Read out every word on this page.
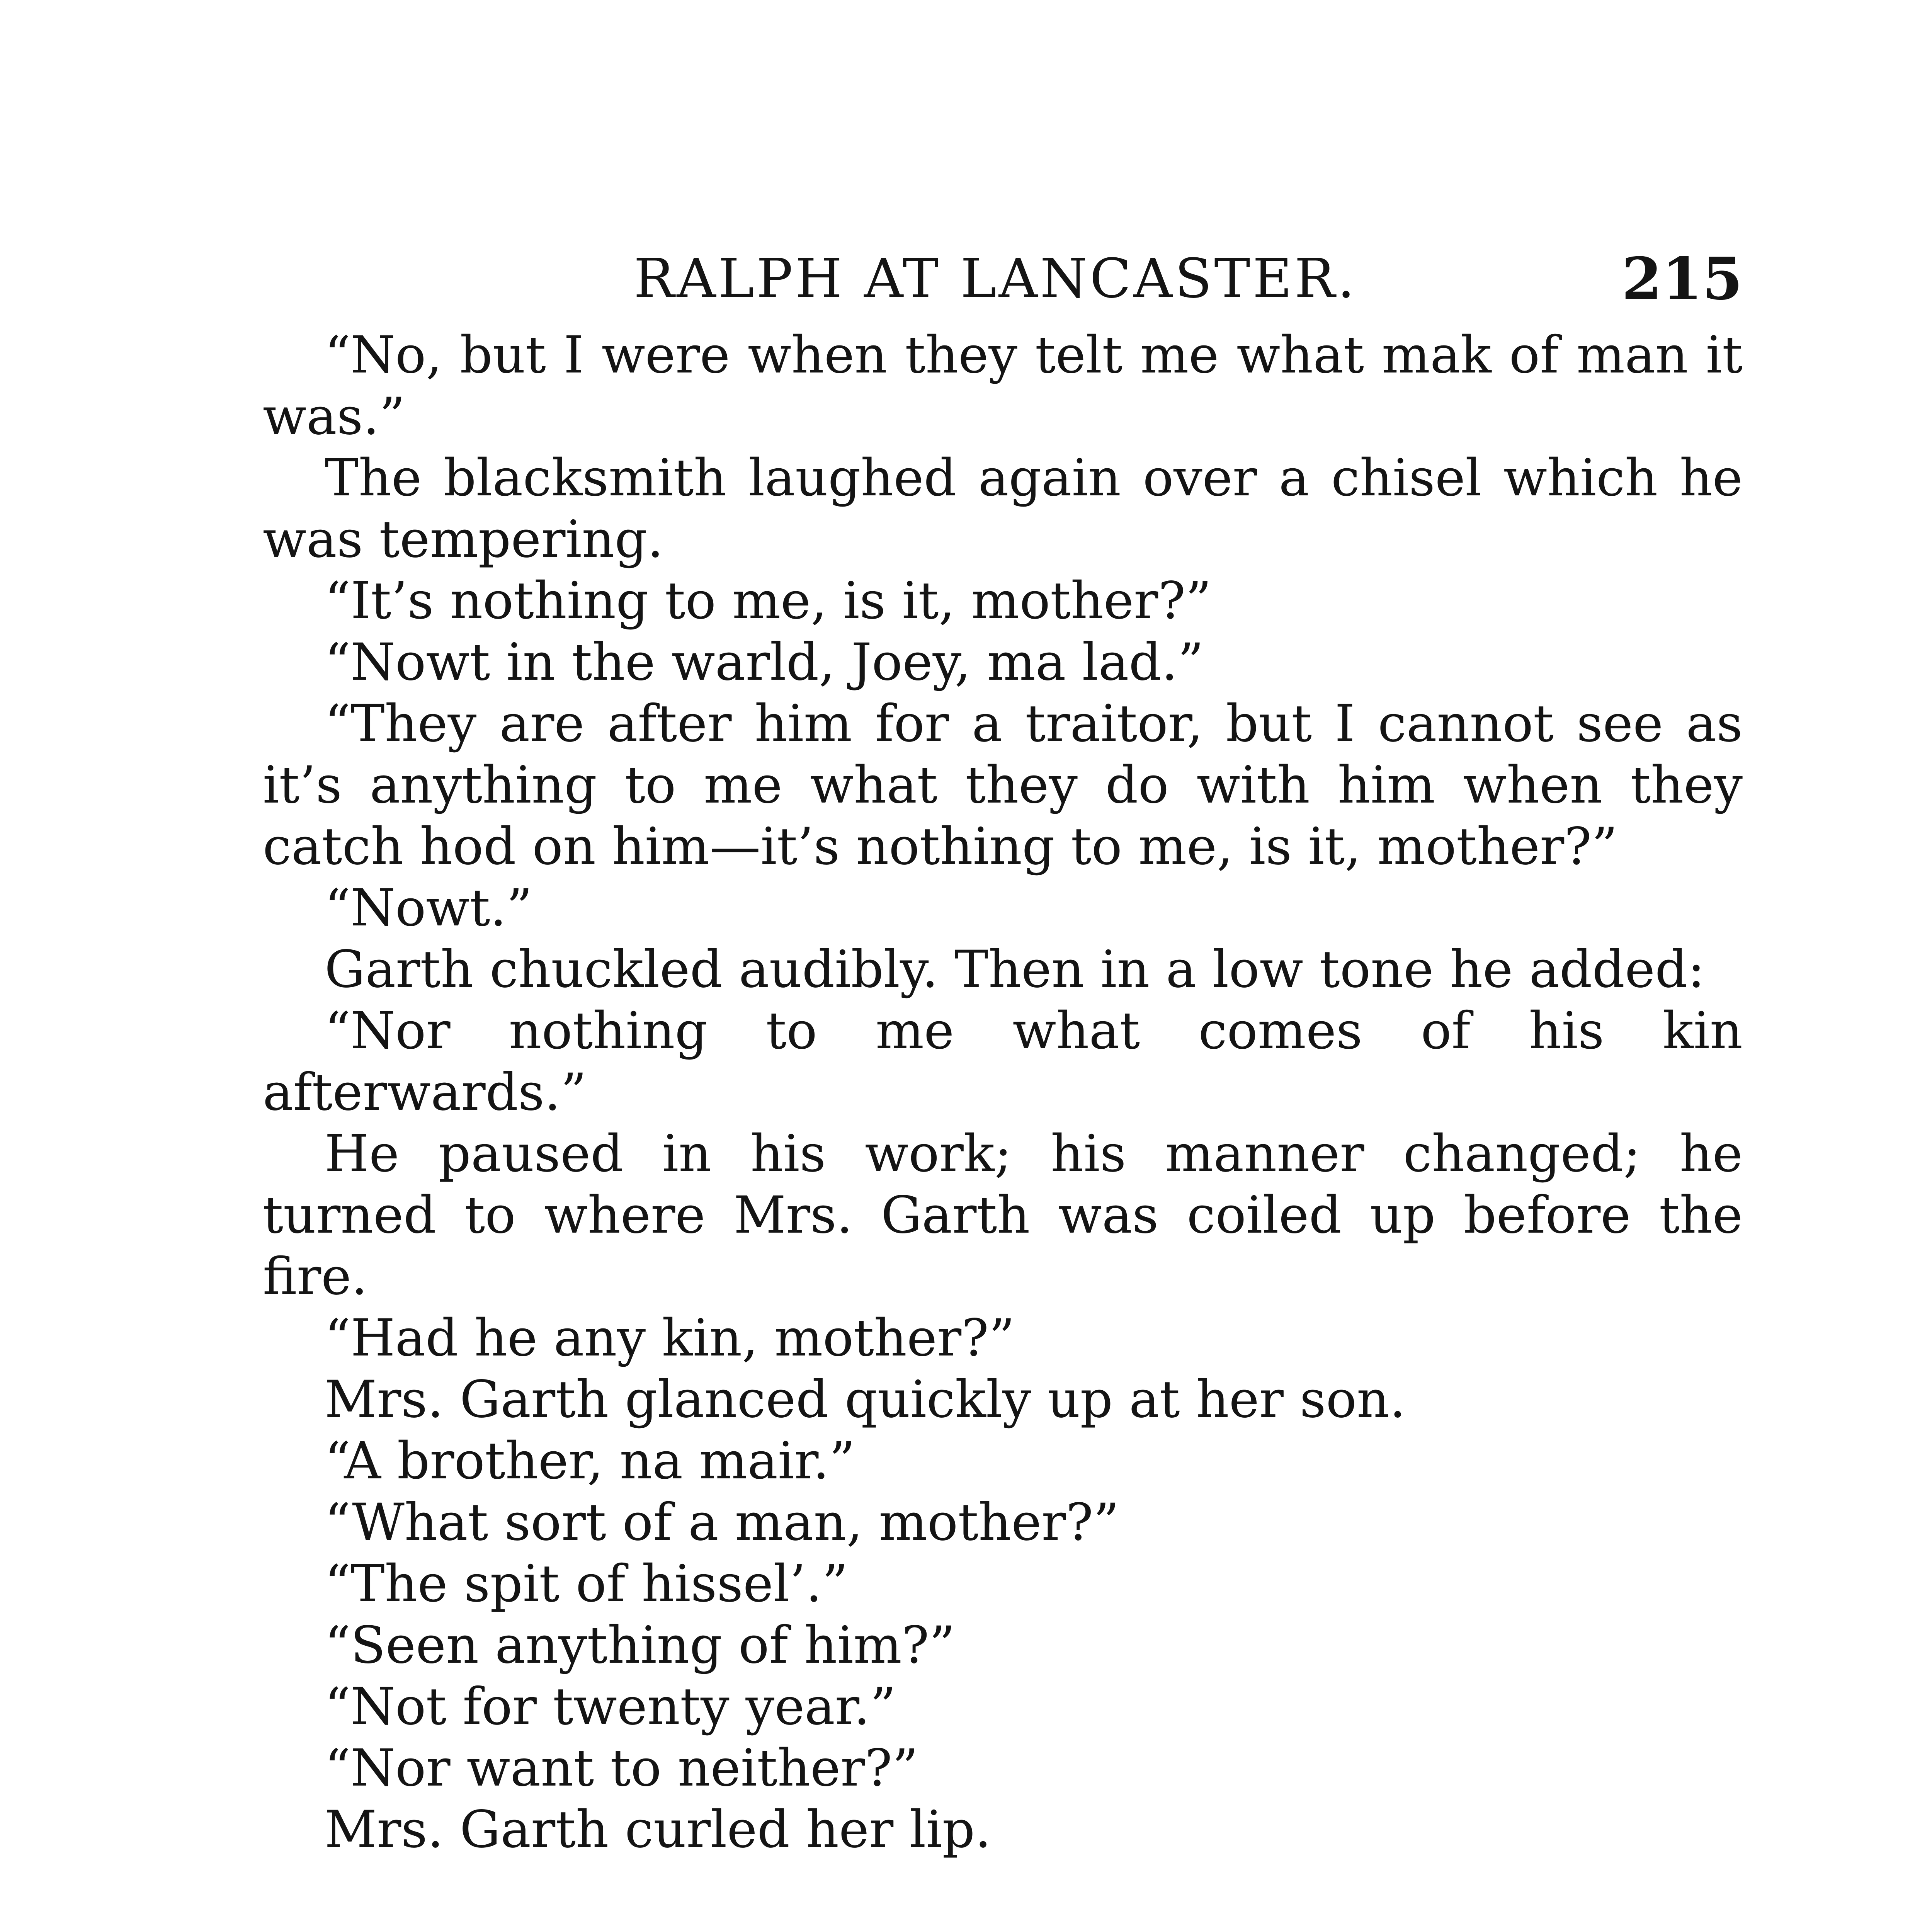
RALPH AT LANCASTER.	215

“No, but I were when they telt me what mak of man it was.”

The blacksmith laughed again over a chisel which he was tempering.

“It’s nothing to me, is it, mother?”

“Nowt in the warld, Joey, ma lad.”

“They are after him for a traitor, but I cannot see as it’s anything to me what they do with him when they catch hod on him—it’s nothing to me, is it, mother?”

“Nowt.”

Garth chuckled audibly. Then in a low tone he added:

“Nor nothing to me what comes of his kin afterwards.”

He paused in his work; his manner changed; he turned to where Mrs. Garth was coiled up before the fire.

“Had he any kin, mother?”

Mrs. Garth glanced quickly up at her son.

“A brother, na mair.”

“What sort of a man, mother?”

“The spit of hissel’.”

“Seen anything of him?”

“Not for twenty year.”

“Nor want to neither?”

Mrs. Garth curled her lip.
